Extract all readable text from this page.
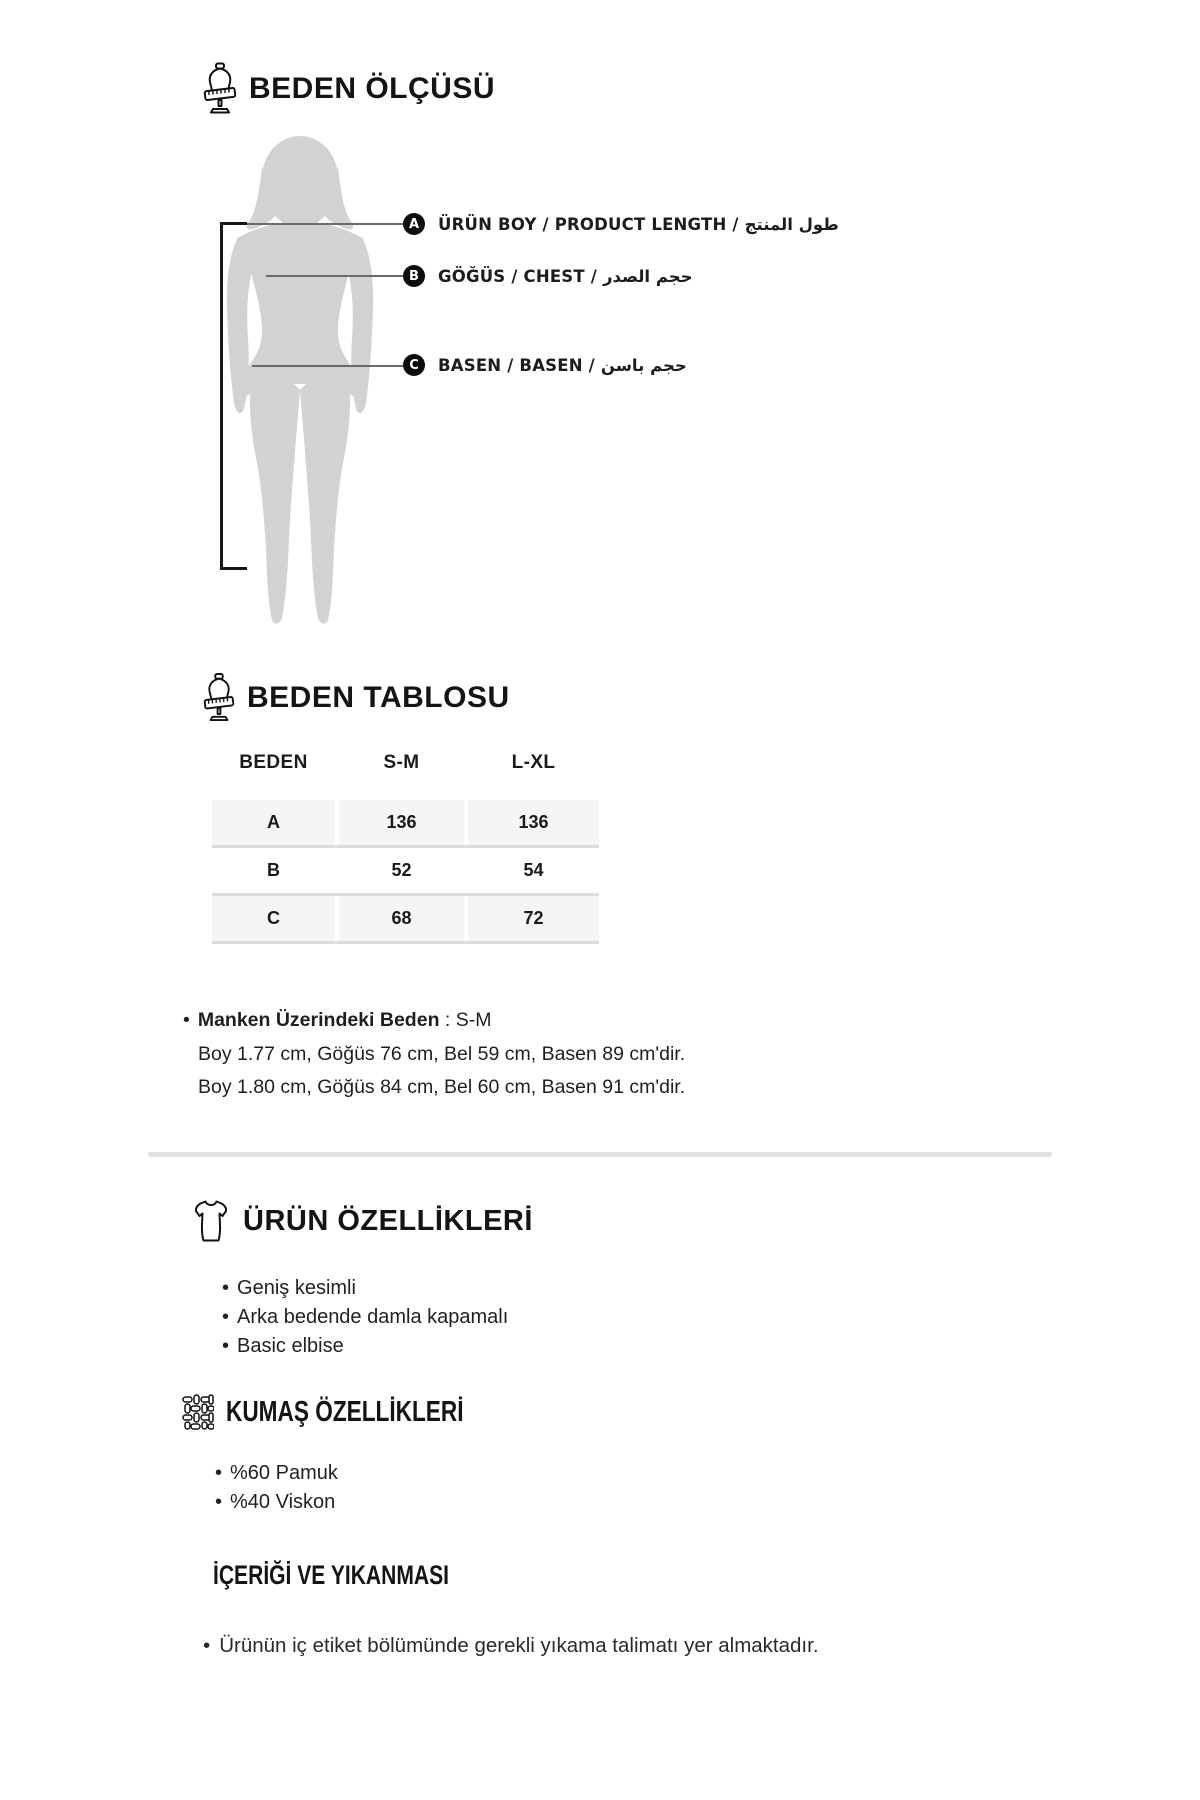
BEDEN ÖLÇÜSÜ
A	ÜRÜN BOY / PRODUCT LENGTH / طول المنتج
B	GÖĞÜS / CHEST / حجم الصدر
C	BASEN / BASEN / حجم باسن
BEDEN TABLOSU
BEDEN	S-M	L-XL
A	136	136
B	52	54
C	68	72
• Manken Üzerindeki Beden : S-M
Boy 1.77 cm, Göğüs 76 cm, Bel 59 cm, Basen 89 cm'dir.
Boy 1.80 cm, Göğüs 84 cm, Bel 60 cm, Basen 91 cm'dir.
ÜRÜN ÖZELLİKLERİ
• Geniş kesimli
• Arka bedende damla kapamalı
• Basic elbise
KUMAŞ ÖZELLİKLERİ
• %60 Pamuk
• %40 Viskon
İÇERİĞİ VE YIKANMASI
• Ürünün iç etiket bölümünde gerekli yıkama talimatı yer almaktadır.
